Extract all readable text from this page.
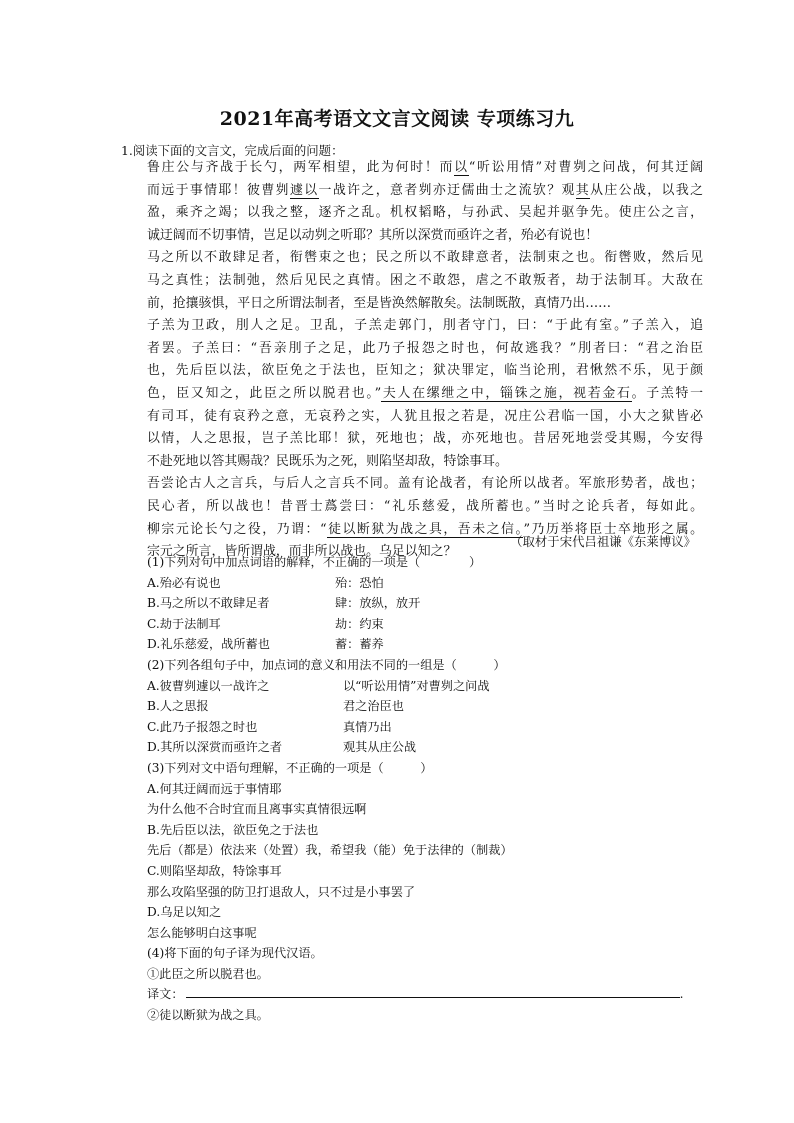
2021年高考语文文言文阅读 专项练习九
1.阅读下面的文言文，完成后面的问题：
鲁庄公与齐战于长勺，两军相望，此为何时！而以“听讼用情”对曹刿之问战，何其迂阔
而远于事情耶！彼曹刿遽以一战许之，意者刿亦迂儒曲士之流欤？观其从庄公战，以我之
盈，乘齐之竭；以我之整，逐齐之乱。机权韬略，与孙武、吴起并驱争先。使庄公之言，
诚迂阔而不切事情，岂足以动刿之听耶？其所以深赏而亟许之者，殆必有说也！
马之所以不敢肆足者，衔辔束之也；民之所以不敢肆意者，法制束之也。衔辔败，然后见
马之真性；法制弛，然后见民之真情。困之不敢怨，虐之不敢叛者，劫于法制耳。大敌在
前，抢攘骇惧，平日之所谓法制者，至是皆涣然解散矣。法制既散，真情乃出……
子羔为卫政，刖人之足。卫乱，子羔走郭门，刖者守门，曰：“于此有室。”子羔入，追
者罢。子羔曰：“吾亲刖子之足，此乃子报怨之时也，何故逃我？”刖者曰：“君之治臣
也，先后臣以法，欲臣免之于法也，臣知之；狱决罪定，临当论刑，君愀然不乐，见于颜
色，臣又知之，此臣之所以脱君也。”夫人在缧绁之中，锱铢之施，视若金石。子羔特一
有司耳，徒有哀矜之意，无哀矜之实，人犹且报之若是，况庄公君临一国，小大之狱皆必
以情，人之思报，岂子羔比耶！狱，死地也；战，亦死地也。昔居死地尝受其赐，今安得
不赴死地以答其赐哉？民既乐为之死，则陷坚却敌，特馀事耳。
吾尝论古人之言兵，与后人之言兵不同。盖有论战者，有论所以战者。军旅形势者，战也；
民心者，所以战也！昔晋士蔿尝曰：“礼乐慈爱，战所蓄也。”当时之论兵者，每如此。
柳宗元论长勺之役，乃谓：“徒以断狱为战之具，吾未之信。”乃历举将臣士卒地形之属。
宗元之所言，皆所谓战，而非所以战也。乌足以知之？
（取材于宋代吕祖谦《东莱博议》
(1)下列对句中加点词语的解释，不正确的一项是（　　　　）
A.殆必有说也	殆：恐怕
B.马之所以不敢肆足者	肆：放纵，放开
C.劫于法制耳	劫：约束
D.礼乐慈爱，战所蓄也	蓄：蓄养
(2)下列各组句子中，加点词的意义和用法不同的一组是（　　　）
A.彼曹刿遽以一战许之	以“听讼用情”对曹刿之问战
B.人之思报	君之治臣也
C.此乃子报怨之时也	真情乃出
D.其所以深赏而亟许之者	观其从庄公战
(3)下列对文中语句理解，不正确的一项是（　　　）
A.何其迂阔而远于事情耶
为什么他不合时宜而且离事实真情很远啊
B.先后臣以法，欲臣免之于法也
先后（都是）依法来（处置）我，希望我（能）免于法律的（制裁）
C.则陷坚却敌，特馀事耳
那么攻陷坚强的防卫打退敌人，只不过是小事罢了
D.乌足以知之
怎么能够明白这事呢
(4)将下面的句子译为现代汉语。
①此臣之所以脱君也。
译文：	.
②徒以断狱为战之具。
